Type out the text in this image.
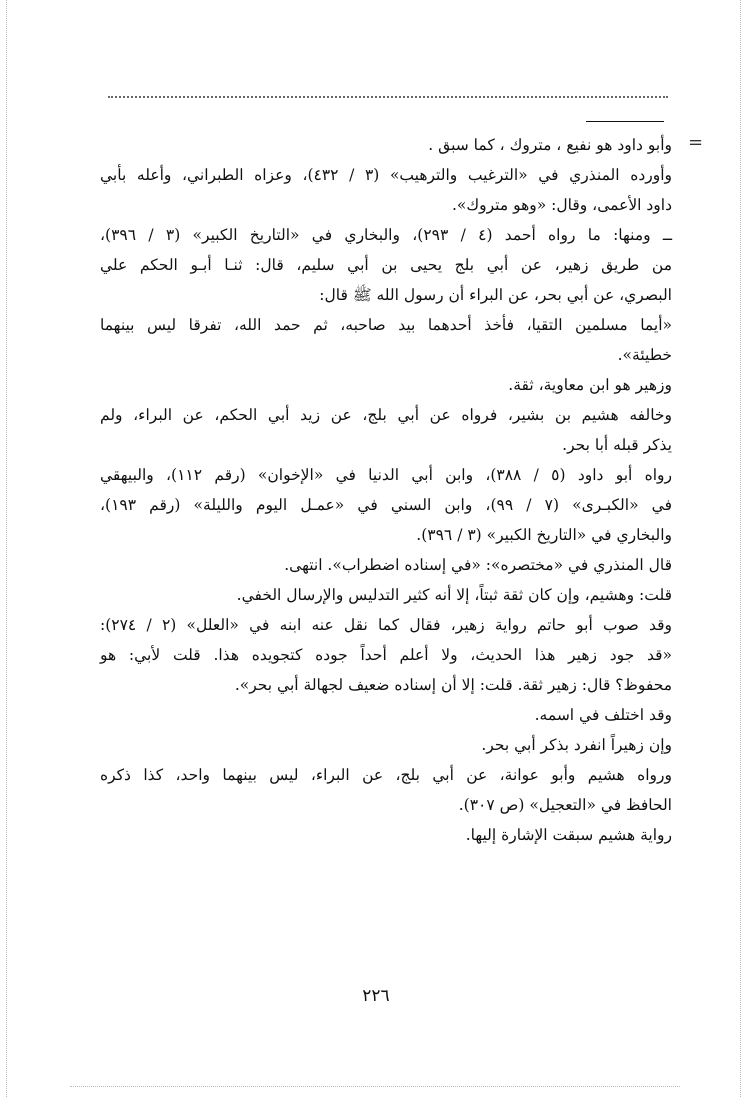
=
وأبو داود هو نفيع ، متروك ، كما سبق .
وأورده المنذري في «الترغيب والترهيب» (٣ / ٤٣٢)، وعزاه الطبراني، وأعله بأبي
داود الأعمى، وقال: «وهو متروك».
ــ ومنها: ما رواه أحمد (٤ / ٢٩٣)، والبخاري في «التاريخ الكبير» (٣ / ٣٩٦)،
من طريق زهير، عن أبي بلج يحيى بن أبي سليم، قال: ثنـا أبـو الحكم علي
البصري، عن أبي بحر، عن البراء أن رسول الله ﷺ قال:
«أيما مسلمين التقيا، فأخذ أحدهما بيد صاحبه، ثم حمد الله، تفرقا ليس بينهما
خطيئة».
وزهير هو ابن معاوية، ثقة.
وخالفه هشيم بن بشير، فرواه عن أبي بلج، عن زيد أبي الحكم، عن البراء، ولم
يذكر قبله أبا بحر.
رواه أبو داود (٥ / ٣٨٨)، وابن أبي الدنيا في «الإخوان» (رقم ١١٢)، والبيهقي
في «الكبـرى» (٧ / ٩٩)، وابن السني في «عمـل اليوم والليلة» (رقم ١٩٣)،
والبخاري في «التاريخ الكبير» (٣ / ٣٩٦).
قال المنذري في «مختصره»: «في إسناده اضطراب». انتهى.
قلت: وهشيم، وإن كان ثقة ثبتاً، إلا أنه كثير التدليس والإرسال الخفي.
وقد صوب أبو حاتم رواية زهير، فقال كما نقل عنه ابنه في «العلل» (٢ / ٢٧٤):
«قد جود زهير هذا الحديث، ولا أعلم أحداً جوده كتجويده هذا. قلت لأبي: هو
محفوظ؟ قال: زهير ثقة. قلت: إلا أن إسناده ضعيف لجهالة أبي بحر».
وقد اختلف في اسمه.
وإن زهيراً انفرد بذكر أبي بحر.
ورواه هشيم وأبو عوانة، عن أبي بلج، عن البراء، ليس بينهما واحد، كذا ذكره
الحافظ في «التعجيل» (ص ٣٠٧).
رواية هشيم سبقت الإشارة إليها.
٢٢٦
